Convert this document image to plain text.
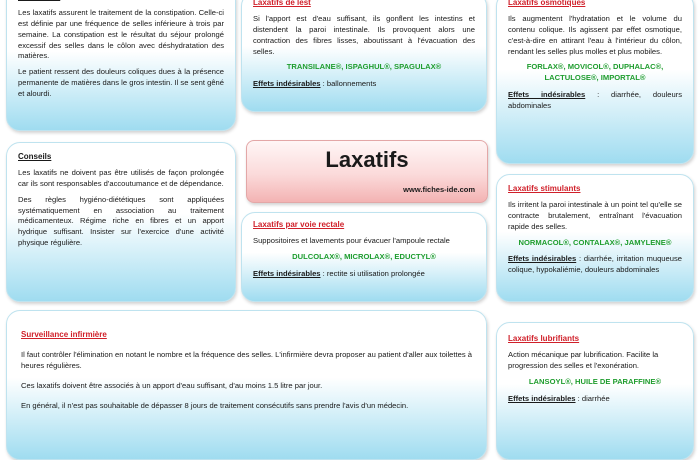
Les laxatifs assurent le traitement de la constipation. Celle-ci est définie par une fréquence de selles inférieure à trois par semaine. La constipation est le résultat du séjour prolongé excessif des selles dans le côlon avec déshydratation des matières.

Le patient ressent des douleurs coliques dues à la présence permanente de matières dans le gros intestin. Il se sent gêné et alourdi.

Laxatifs de lest

Si l'apport est d'eau suffisant, ils gonflent les intestins et distendent la paroi intestinale. Ils provoquent alors une contraction des fibres lisses, aboutissant à l'évacuation des selles.

TRANSILANE®, ISPAGHUL®, SPAGULAX®
Effets indésirables : ballonnements
Laxatifs osmotiques

Ils augmentent l'hydratation et le volume du contenu colique. Ils agissent par effet osmotique, c'est-à-dire en attirant l'eau à l'intérieur du côlon, rendant les selles plus molles et plus mobiles.

FORLAX®, MOVICOL®, DUPHALAC®,
LACTULOSE®, IMPORTAL®
Effets indésirables : diarrhée, douleurs abdominales
Laxatifs
www.fiches-ide.com
Conseils

Les laxatifs ne doivent pas être utilisés de façon prolongée car ils sont responsables d'accoutumance et de dépendance.

Des règles hygiéno-diététiques sont appliquées systématiquement en association au traitement médicamenteux. Régime riche en fibres et un apport hydrique suffisant. Insister sur l'exercice d'une activité physique régulière.

Laxatifs par voie rectale

Suppositoires et lavements pour évacuer l'ampoule rectale

DULCOLAX®, MICROLAX®, EDUCTYL®
Effets indésirables : rectite si utilisation prolongée
Laxatifs stimulants

Ils irritent la paroi intestinale à un point tel qu'elle se contracte brutalement, entraînant l'évacuation rapide des selles.

NORMACOL®, CONTALAX®, JAMYLENE®
Effets indésirables : diarrhée, irritation muqueuse colique, hypokaliémie, douleurs abdominales
Surveillance infirmière

Il faut contrôler l'élimination en notant le nombre et la fréquence des selles. L'infirmière devra proposer au patient d'aller aux toilettes à heures régulières.

Ces laxatifs doivent être associés à un apport d'eau suffisant, d'au moins 1.5 litre par jour.

En général, il n'est pas souhaitable de dépasser 8 jours de traitement consécutifs sans prendre l'avis d'un médecin.

Laxatifs lubrifiants

Action mécanique par lubrification. Facilite la progression des selles et l'exonération.

LANSOYL®, HUILE DE PARAFFINE®
Effets indésirables : diarrhée
